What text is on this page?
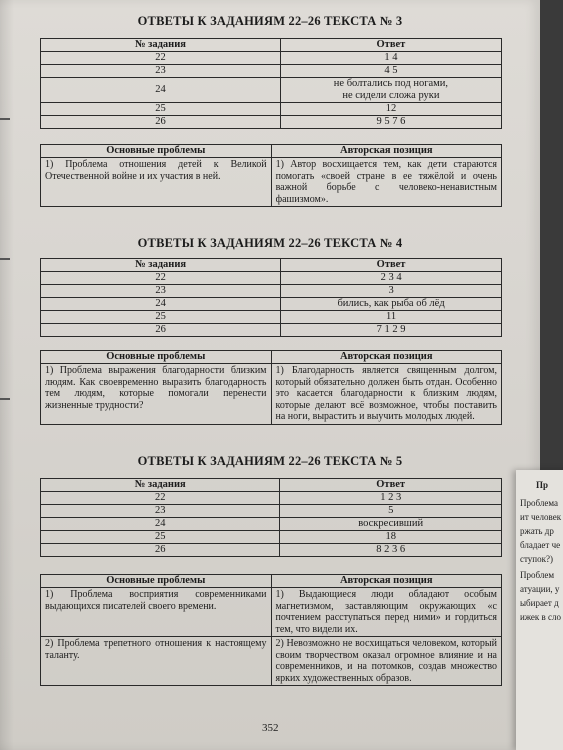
ОТВЕТЫ К ЗАДАНИЯМ 22–26 ТЕКСТА № 3
№ задания	Ответ
22	1 4
23	4 5
24	не болтались под ногами,
не сидели сложа руки
25	12
26	9 5 7 6
Основные проблемы	Авторская позиция
1) Проблема отношения детей к Великой Отечественной войне и их участия в ней.	1) Автор восхищается тем, как дети стараются помогать «своей стране в ее тяжёлой и очень важной борьбе с человеко-ненавистным фашизмом».
ОТВЕТЫ К ЗАДАНИЯМ 22–26 ТЕКСТА № 4
№ задания	Ответ
22	2 3 4
23	3
24	бились, как рыба об лёд
25	11
26	7 1 2 9
Основные проблемы	Авторская позиция
1) Проблема выражения благодарности близким людям. Как своевременно выразить благодарность тем людям, которые помогали перенести жизненные трудности?	1) Благодарность является священным долгом, который обязательно должен быть отдан. Особенно это касается благодарности к близким людям, которые делают всё возможное, чтобы поставить на ноги, вырастить и выучить молодых людей.
ОТВЕТЫ К ЗАДАНИЯМ 22–26 ТЕКСТА № 5
№ задания	Ответ
22	1 2 3
23	5
24	воскресивший
25	18
26	8 2 3 6
Основные проблемы	Авторская позиция
1) Проблема восприятия современниками выдающихся писателей своего времени.	1) Выдающиеся люди обладают особым магнетизмом, заставляющим окружающих «с почтением расступаться перед ними» и гордиться тем, что видели их.
2) Проблема трепетного отношения к настоящему таланту.	2) Невозможно не восхищаться человеком, который своим творчеством оказал огромное влияние и на современников, и на потомков, создав множество ярких художественных образов.
352
Пр
Проблема
ит человек
ржать др
бладает че
ступок?)
Проблем
атуации, у
ыбирает д
ижек в сло
